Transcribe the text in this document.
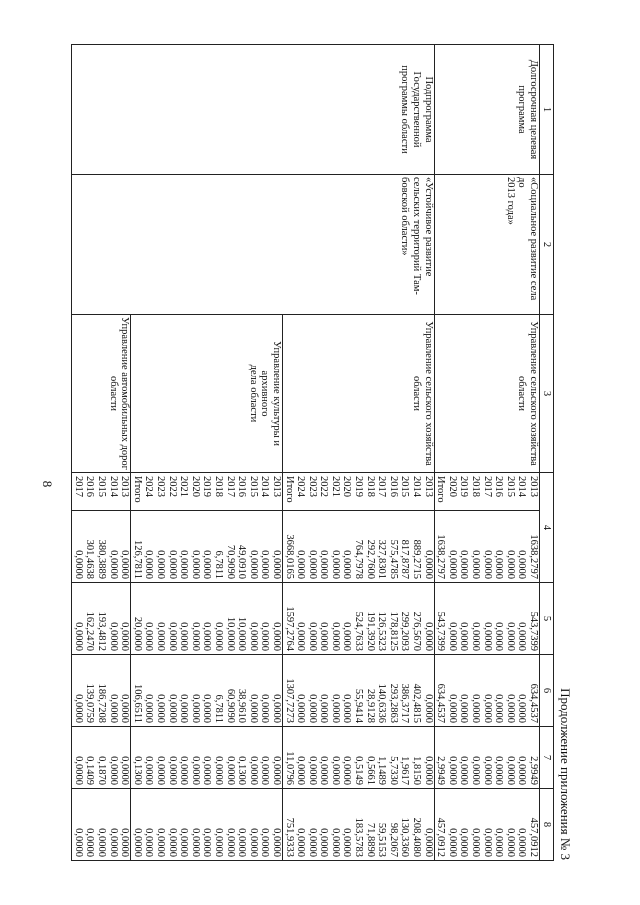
8
Продолжение приложения № 3
1	2	3	4		5	6	7	8
Долгосрочная целевая
программа	«Социальное развитие села до
2013 года»	Управление сельского хозяйства
области	2013	1638,2797	543,7399	634,4537	2,9949	457,0912
			2014	0,0000	0,0000	0,0000	0,0000	0,0000
			2015	0,0000	0,0000	0,0000	0,0000	0,0000
			2016	0,0000	0,0000	0,0000	0,0000	0,0000
			2017	0,0000	0,0000	0,0000	0,0000	0,0000
			2018	0,0000	0,0000	0,0000	0,0000	0,0000
			2019	0,0000	0,0000	0,0000	0,0000	0,0000
			2020	0,0000	0,0000	0,0000	0,0000	0,0000
			Итого	1638,2797	543,7399	634,4537	2,9949	457,0912
Подпрограмма
Государственной
программы области	«Устойчивое развитие
сельских территорий Там-
бовской области»	Управление сельского хозяйства
области	2013	0,0000	0,0000	0,0000	0,0000	0,0000
			2014	889,2715	276,5670	402,4815	1,8150	208,4080
			2015	817,8787	299,2093	386,3717	1,9617	130,3360
			2016	575,4785	178,8125	293,2863	5,7330	98,2067
			2017	327,8301	126,5323	140,6336	1,1489	59,5153
			2018	292,7600	191,3920	28,9128	0,5661	71,8890
			2019	764,7978	524,7633	55,9414	0,5149	183,5783
			2020	0,0000	0,0000	0,0000	0,0000	0,0000
			2021	0,0000	0,0000	0,0000	0,0000	0,0000
			2022	0,0000	0,0000	0,0000	0,0000	0,0000
			2023	0,0000	0,0000	0,0000	0,0000	0,0000
			2024	0,0000	0,0000	0,0000	0,0000	0,0000
			Итого	3668,0165	1597,2764	1307,7273	11,0796	751,9333
		Управление культуры и архивного
дела области	2013	0,0000	0,0000	0,0000	0,0000	0,0000
			2014	0,0000	0,0000	0,0000	0,0000	0,0000
			2015	0,0000	0,0000	0,0000	0,0000	0,0000
			2016	49,0910	10,0000	38,9610	0,1300	0,0000
			2017	70,9090	10,0000	60,9090	0,0000	0,0000
			2018	6,7811	0,0000	6,7811	0,0000	0,0000
			2019	0,0000	0,0000	0,0000	0,0000	0,0000
			2020	0,0000	0,0000	0,0000	0,0000	0,0000
			2021	0,0000	0,0000	0,0000	0,0000	0,0000
			2022	0,0000	0,0000	0,0000	0,0000	0,0000
			2023	0,0000	0,0000	0,0000	0,0000	0,0000
			2024	0,0000	0,0000	0,0000	0,0000	0,0000
			Итого	126,7811	20,0000	106,6511	0,1300	0,0000
		Управление автомобильных дорог
области	2013	0,0000	0,0000	0,0000	0,0000	0,0000
			2014	0,0000	0,0000	0,0000	0,0000	0,0000
			2015	380,3889	193,4812	186,7208	0,1870	0,0000
			2016	301,4638	162,2470	139,0759	0,1409	0,0000
			2017	0,0000	0,0000	0,0000	0,0000	0,0000
